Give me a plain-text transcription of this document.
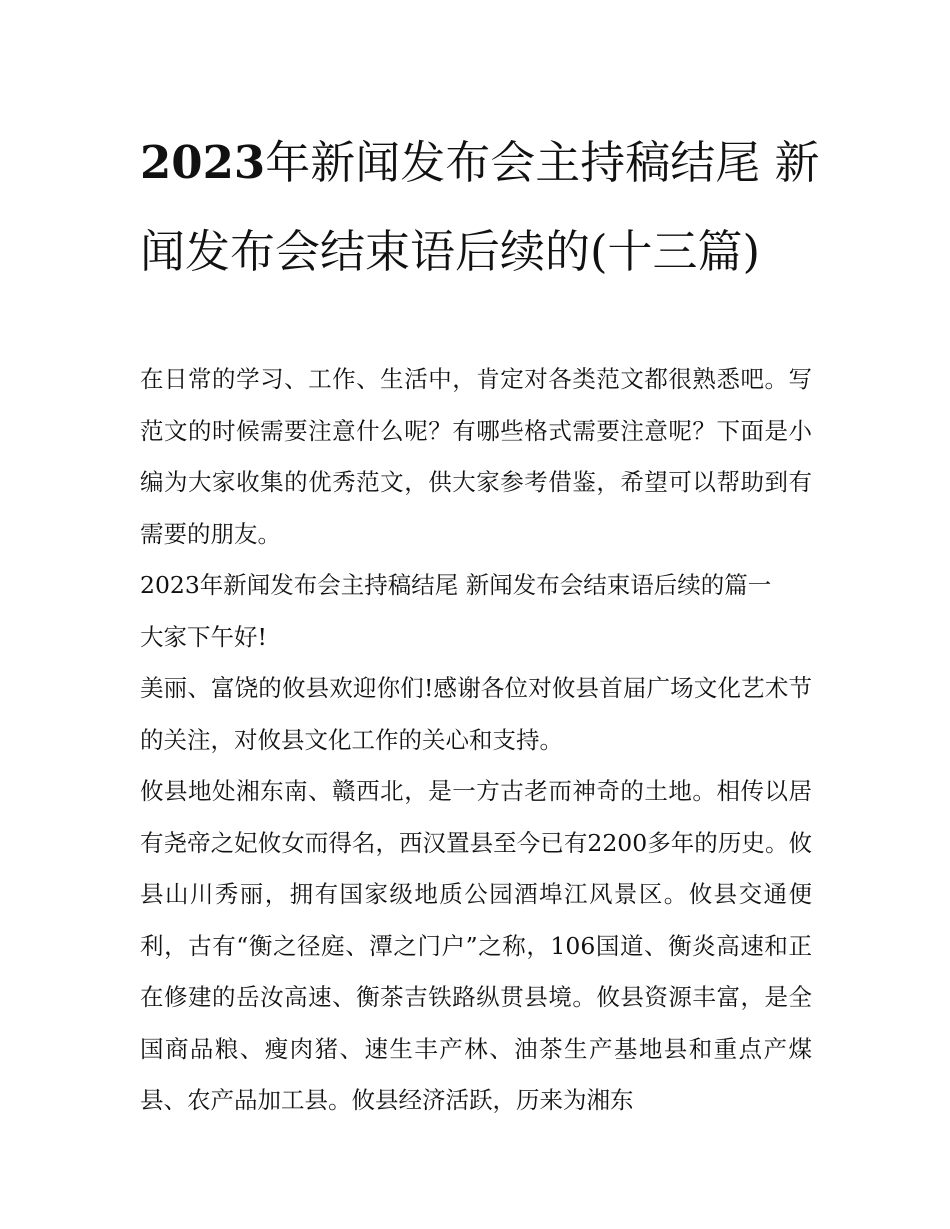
2023年新闻发布会主持稿结尾 新闻发布会结束语后续的(十三篇)

在日常的学习、工作、生活中，肯定对各类范文都很熟悉吧。写范文的时候需要注意什么呢？有哪些格式需要注意呢？下面是小编为大家收集的优秀范文，供大家参考借鉴，希望可以帮助到有需要的朋友。

2023年新闻发布会主持稿结尾 新闻发布会结束语后续的篇一

大家下午好!

美丽、富饶的攸县欢迎你们!感谢各位对攸县首届广场文化艺术节的关注，对攸县文化工作的关心和支持。

攸县地处湘东南、赣西北，是一方古老而神奇的土地。相传以居有尧帝之妃攸女而得名，西汉置县至今已有2200多年的历史。攸县山川秀丽，拥有国家级地质公园酒埠江风景区。攸县交通便利，古有“衡之径庭、潭之门户”之称，106国道、衡炎高速和正在修建的岳汝高速、衡茶吉铁路纵贯县境。攸县资源丰富，是全国商品粮、瘦肉猪、速生丰产林、油茶生产基地县和重点产煤县、农产品加工县。攸县经济活跃，历来为湘东
